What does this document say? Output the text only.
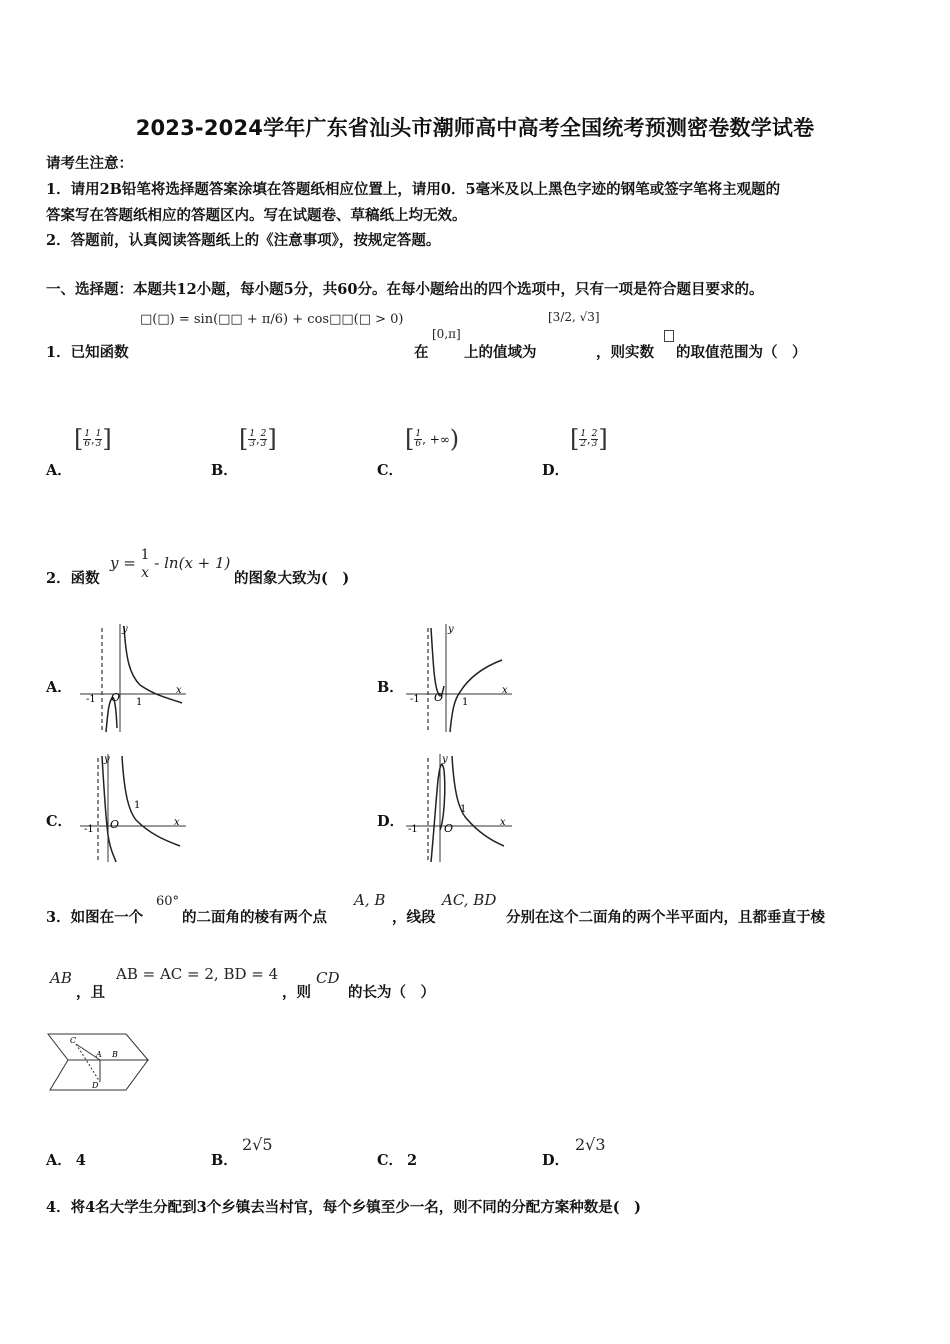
2023-2024学年广东省汕头市潮师高中高考全国统考预测密卷数学试卷
请考生注意：
1．请用2B铅笔将选择题答案涂填在答题纸相应位置上，请用0．5毫米及以上黑色字迹的钢笔或签字笔将主观题的
答案写在答题纸相应的答题区内。写在试题卷、草稿纸上均无效。
2．答题前，认真阅读答题纸上的《注意事项》，按规定答题。
一、选择题：本题共12小题，每小题5分，共60分。在每小题给出的四个选项中，只有一项是符合题目要求的。
□(□) = sin(□□ + π/6) + cos□□(□ > 0)
1．已知函数	在
[0,π]
上的值域为
[3/2, √3]
，则实数 的取值范围为（　）
[ $\frac{1}{6}$ , $\frac{1}{3}$ ]
A．
[ $\frac{1}{3}$ , $\frac{2}{3}$ ]
B．
[ $\frac{1}{6}$ , +∞)
C．
[ $\frac{1}{2}$ , $\frac{2}{3}$ ]
D．
2．函数
y = 1
x
- ln(x + 1)
的图象大致为(　)
A．
y
x
-1 O 1
B．
y
x
-1 O 1
C．
y
x
-1 O
1
D．
y
x
-1 O
1
3．如图在一个
60°
的二面角的棱有两个点
A, B
，线段
AC, BD
分别在这个二面角的两个半平面内，且都垂直于棱
AB
，且
AB = AC = 2, BD = 4
，则
CD
的长为（　）
C
A B
D
A． 4	B．
2√5
C． 2	D．
2√3
4．将4名大学生分配到3个乡镇去当村官，每个乡镇至少一名，则不同的分配方案种数是(　)
